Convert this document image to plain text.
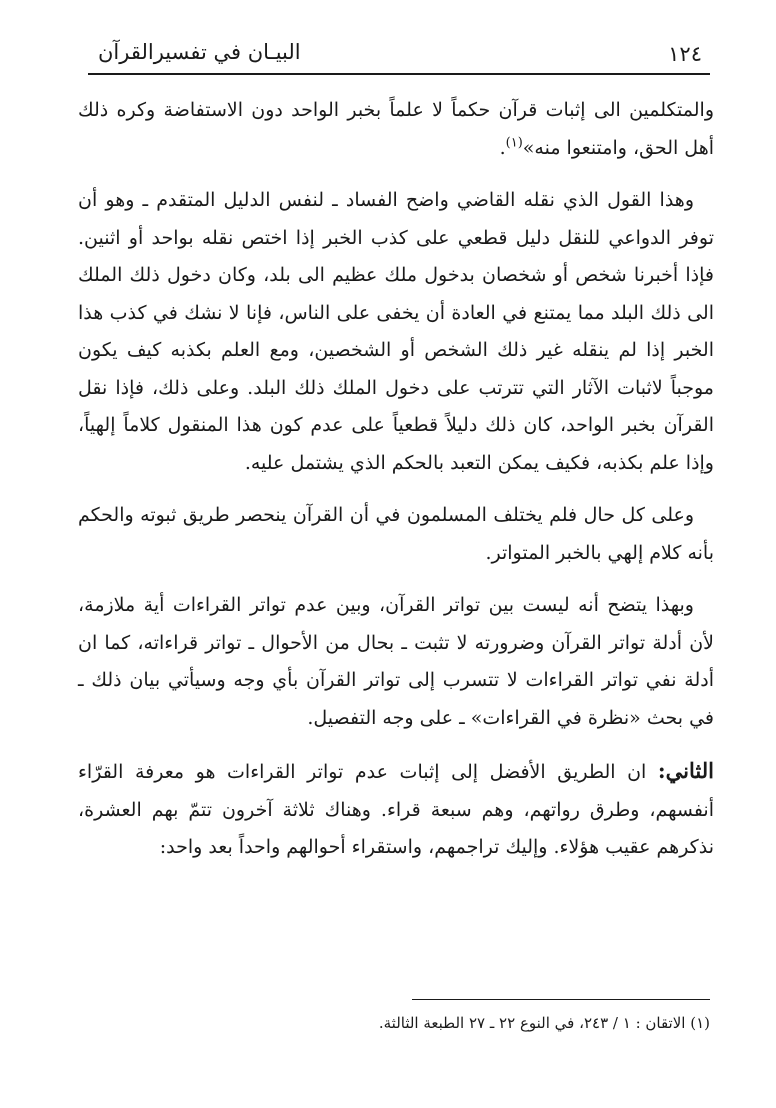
١٢٤
البيـان في تفسيرالقرآن

والمتكلمين الى إثبات قرآن حكماً لا علماً بخبر الواحد دون الاستفاضة وكره ذلك أهل الحق، وامتنعوا منه»$^{(١)}$.

وهذا القول الذي نقله القاضي واضح الفساد ـ لنفس الدليل المتقدم ـ وهو أن توفر الدواعي للنقل دليل قطعي على كذب الخبر إذا اختص نقله بواحد أو اثنين. فإذا أخبرنا شخص أو شخصان بدخول ملك عظيم الى بلد، وكان دخول ذلك الملك الى ذلك البلد مما يمتنع في العادة أن يخفى على الناس، فإنا لا نشك في كذب هذا الخبر إذا لم ينقله غير ذلك الشخص أو الشخصين، ومع العلم بكذبه كيف يكون موجباً لاثبات الآثار التي تترتب على دخول الملك ذلك البلد. وعلى ذلك، فإذا نقل القرآن بخبر الواحد، كان ذلك دليلاً قطعياً على عدم كون هذا المنقول كلاماً إلهياً، وإذا علم بكذبه، فكيف يمكن التعبد بالحكم الذي يشتمل عليه.

وعلى كل حال فلم يختلف المسلمون في أن القرآن ينحصر طريق ثبوته والحكم بأنه كلام إلهي بالخبر المتواتر.

وبهذا يتضح أنه ليست بين تواتر القرآن، وبين عدم تواتر القراءات أية ملازمة، لأن أدلة تواتر القرآن وضرورته لا تثبت ـ بحال من الأحوال ـ تواتر قراءاته، كما ان أدلة نفي تواتر القراءات لا تتسرب إلى تواتر القرآن بأي وجه وسيأتي بيان ذلك ـ في بحث «نظرة في القراءات» ـ على وجه التفصيل.

الثاني: ان الطريق الأفضل إلى إثبات عدم تواتر القراءات هو معرفة القرّاء أنفسهم، وطرق رواتهم، وهم سبعة قراء. وهناك ثلاثة آخرون تتمّ بهم العشرة، نذكرهم عقيب هؤلاء. وإليك تراجمهم، واستقراء أحوالهم واحداً بعد واحد:

(١) الاتقان : ١ / ٢٤٣، في النوع ٢٢ ـ ٢٧ الطبعة الثالثة.
